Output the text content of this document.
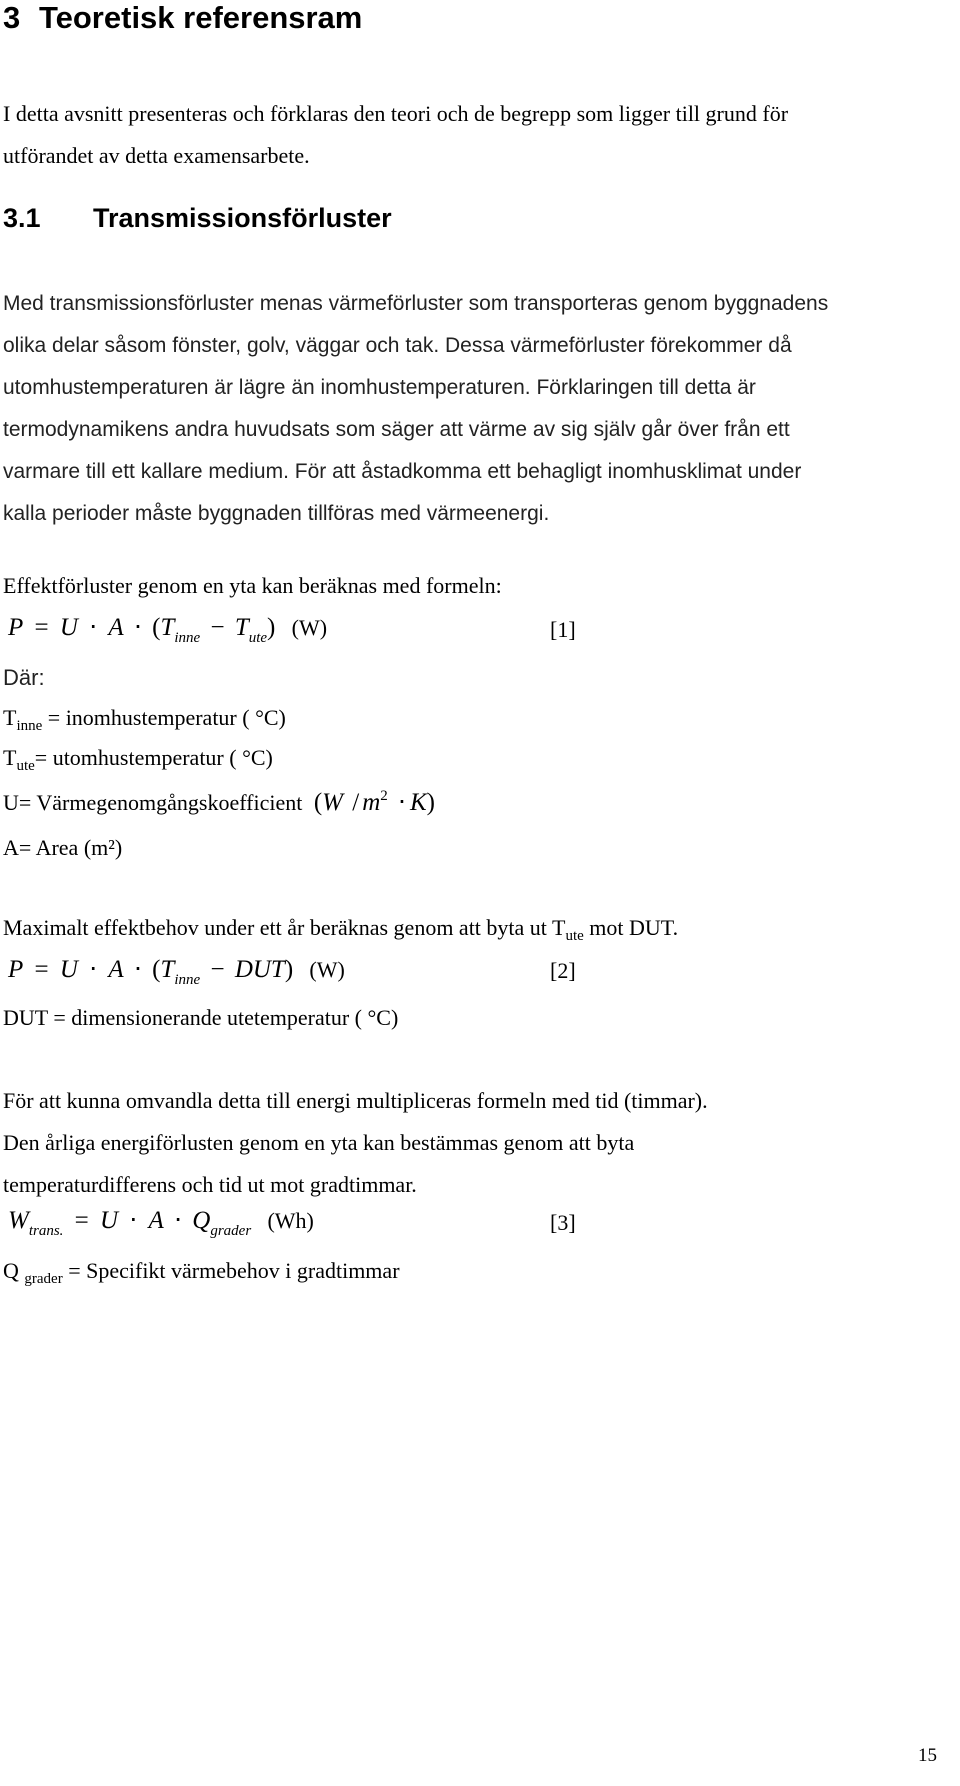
3 Teoretisk referensram
I detta avsnitt presenteras och förklaras den teori och de begrepp som ligger till grund för
utförandet av detta examensarbete.
3.1 Transmissionsförluster
Med transmissionsförluster menas värmeförluster som transporteras genom byggnadens
olika delar såsom fönster, golv, väggar och tak. Dessa värmeförluster förekommer då
utomhustemperaturen är lägre än inomhustemperaturen. Förklaringen till detta är
termodynamikens andra huvudsats som säger att värme av sig själv går över från ett
varmare till ett kallare medium. För att åstadkomma ett behagligt inomhusklimat under
kalla perioder måste byggnaden tillföras med värmeenergi.
Effektförluster genom en yta kan beräknas med formeln:
$P = U \cdot A \cdot (T_{inne} - T_{ute})$ (W)	[1]
Där:
$T_{inne}$ = inomhustemperatur ( °C)
$T_{ute}=$ utomhustemperatur ( °C)
U= Värmegenomgångskoefficient $(W / m^2 \cdot K)$
A= Area (m²)
Maximalt effektbehov under ett år beräknas genom att byta ut $T_{ute}$ mot DUT.
$P = U \cdot A \cdot (T_{inne} - DUT)$ (W)	[2]
DUT = dimensionerande utetemperatur ( °C)
För att kunna omvandla detta till energi multipliceras formeln med tid (timmar).
Den årliga energiförlusten genom en yta kan bestämmas genom att byta
temperaturdifferens och tid ut mot gradtimmar.
$W_{trans.} = U \cdot A \cdot Q_{grader}$ (Wh)	[3]
Q $_{grader}$ = Specifikt värmebehov i gradtimmar
15
